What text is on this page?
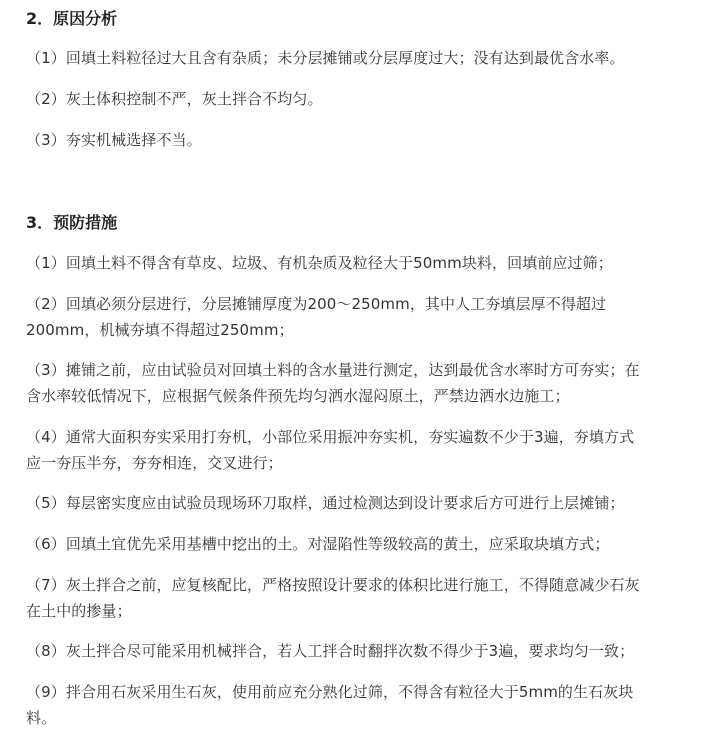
2．原因分析

（1）回填土料粒径过大且含有杂质；未分层摊铺或分层厚度过大；没有达到最优含水率。

（2）灰土体积控制不严，灰土拌合不均匀。

（3）夯实机械选择不当。

3．预防措施

（1）回填土料不得含有草皮、垃圾、有机杂质及粒径大于50mm块料，回填前应过筛；

（2）回填必须分层进行，分层摊铺厚度为200～250mm，其中人工夯填层厚不得超过

200mm，机械夯填不得超过250mm；

（3）摊铺之前，应由试验员对回填土料的含水量进行测定，达到最优含水率时方可夯实；在

含水率较低情况下，应根据气候条件预先均匀洒水湿闷原土，严禁边洒水边施工；

（4）通常大面积夯实采用打夯机，小部位采用振冲夯实机，夯实遍数不少于3遍，夯填方式

应一夯压半夯，夯夯相连，交叉进行；

（5）每层密实度应由试验员现场环刀取样，通过检测达到设计要求后方可进行上层摊铺；

（6）回填土宜优先采用基槽中挖出的土。对湿陷性等级较高的黄土，应采取块填方式；

（7）灰土拌合之前，应复核配比，严格按照设计要求的体积比进行施工，不得随意减少石灰

在土中的掺量；

（8）灰土拌合尽可能采用机械拌合，若人工拌合时翻拌次数不得少于3遍，要求均匀一致；

（9）拌合用石灰采用生石灰，使用前应充分熟化过筛，不得含有粒径大于5mm的生石灰块

料。
